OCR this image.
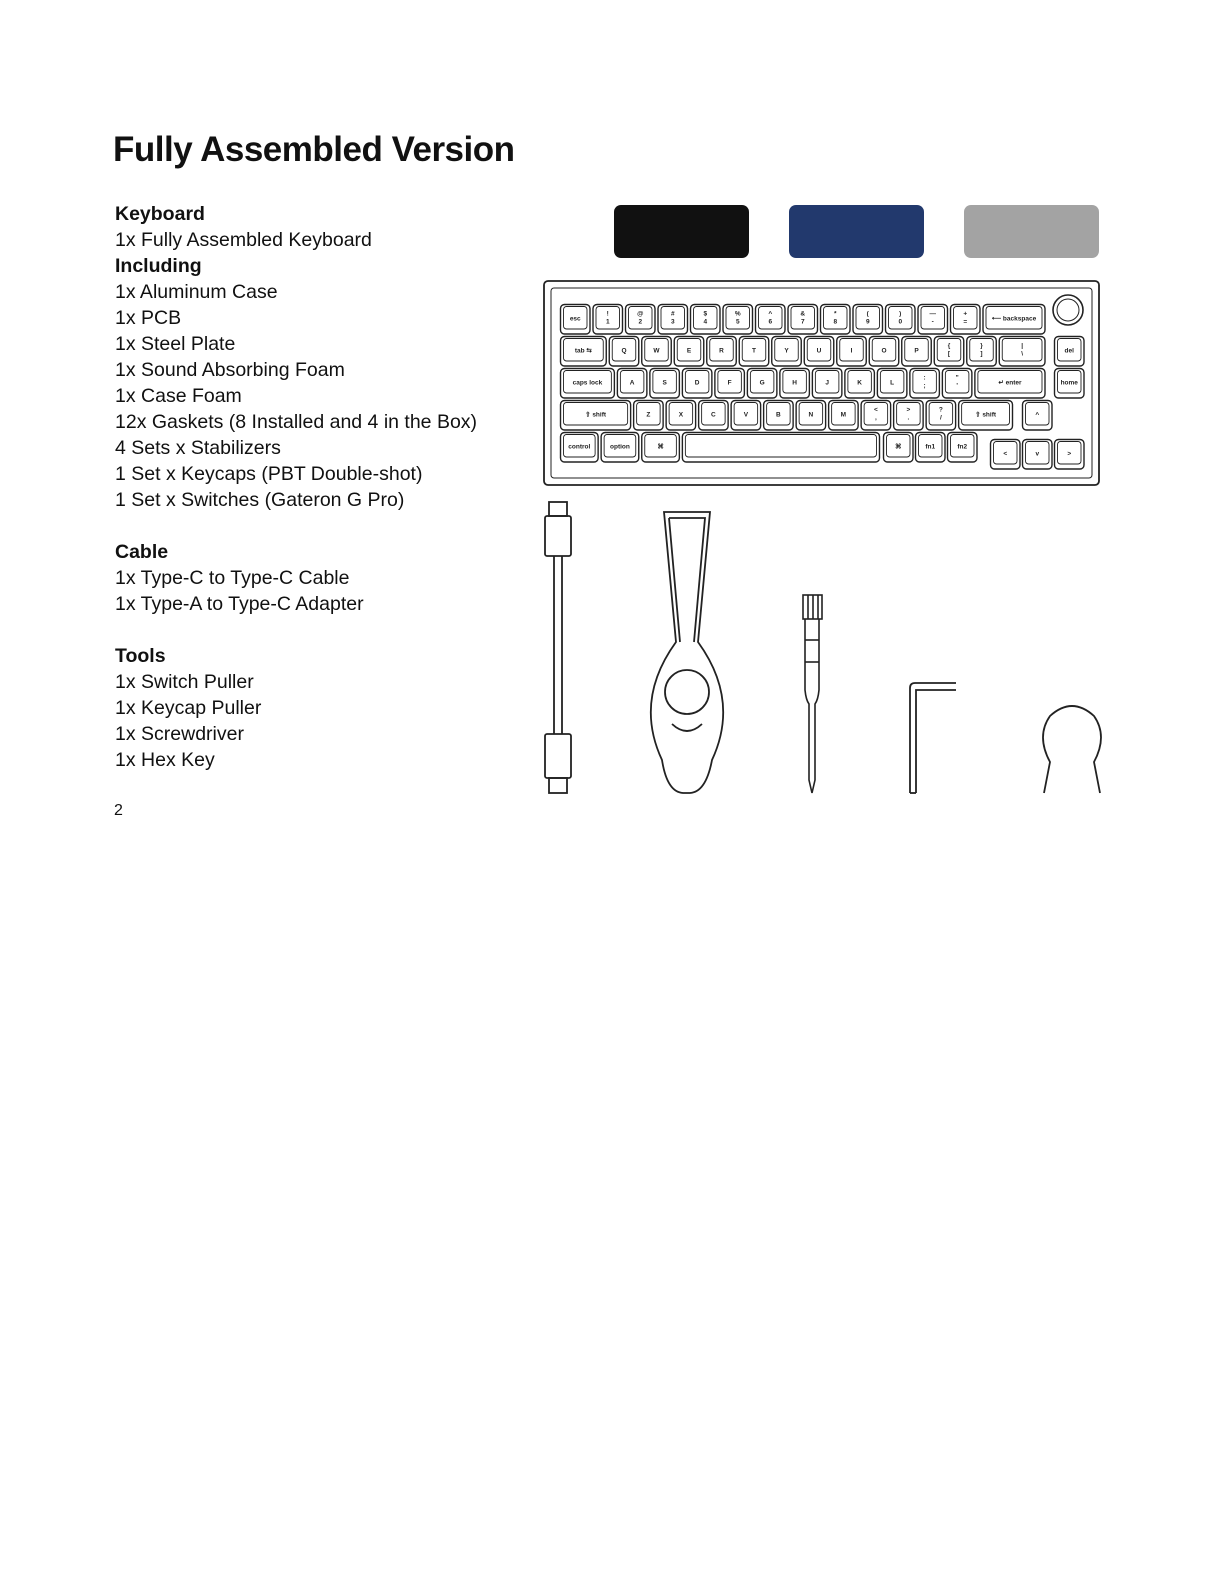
Fully Assembled Version
Keyboard
1x Fully Assembled Keyboard
Including
1x Aluminum Case
1x PCB
1x Steel Plate
1x Sound Absorbing Foam
1x Case Foam
12x Gaskets (8 Installed and 4 in the Box)
4 Sets x Stabilizers
1 Set x Keycaps (PBT Double-shot)
1 Set x Switches (Gateron G Pro)
Cable
1x Type-C to Type-C Cable
1x Type-A to Type-C Adapter
Tools
1x Switch Puller
1x Keycap Puller
1x Screwdriver
1x Hex Key
2
esc
!
1
@
2
#
3
$
4
%
5
^
6
&
7
*
8
(
9
)
0
—
-
+
=	⟵ backspace
tab ⇆	Q	W	E	R	T	Y	U	I	O	P
{
[
}
]
|
\	del
caps lock	A	S	D	F	G	H	J	K	L
:
;
"
'	↵ enter	home
⇧ shift	Z	X	C	V	B	N	M
<
,
>
.
?
/	⇧ shift	^
control	option	⌘	⌘	fn1	fn2
<	v	>
